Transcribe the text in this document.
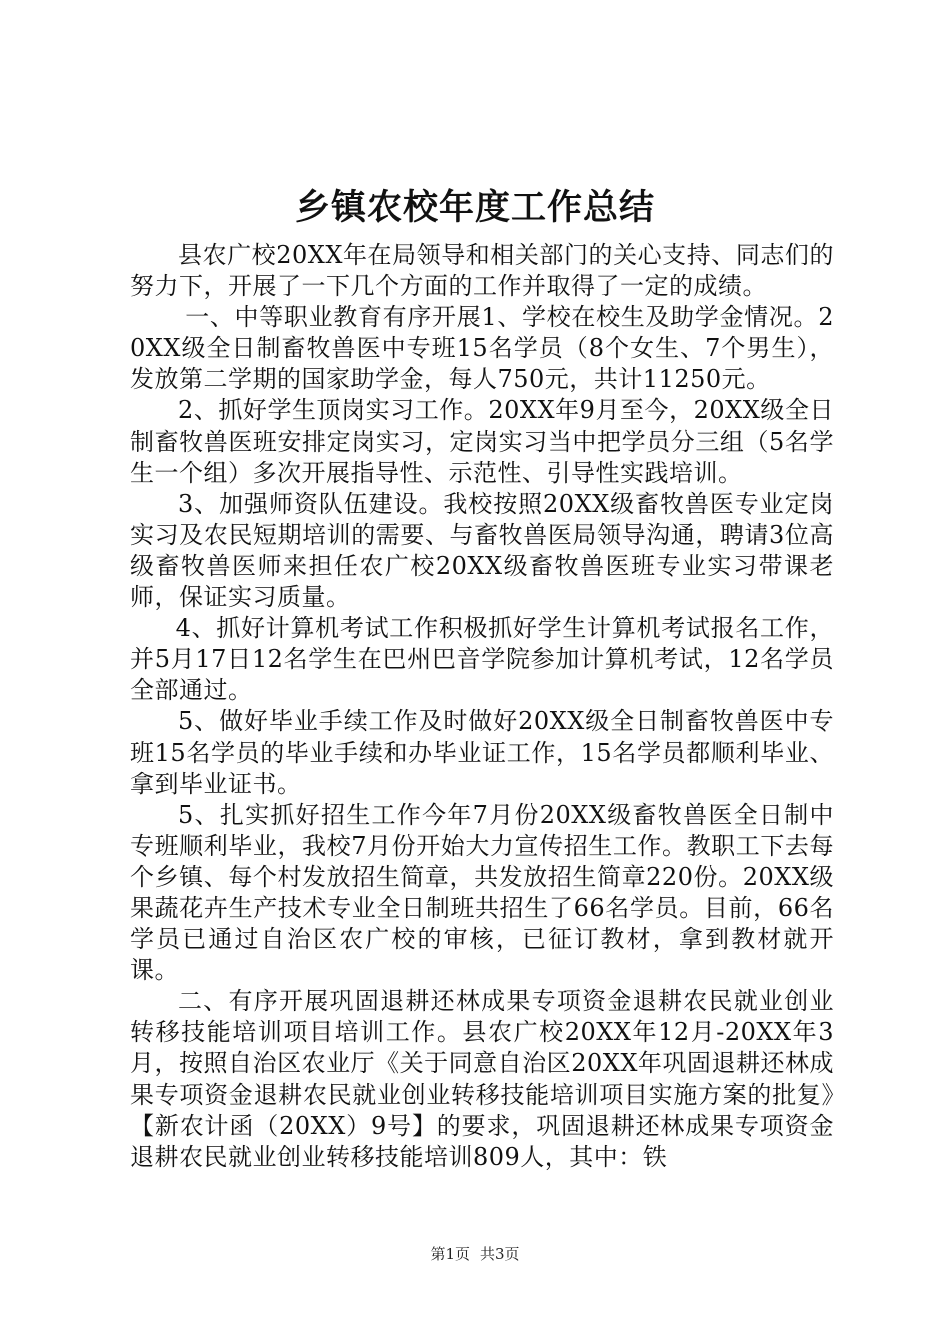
乡镇农校年度工作总结

县农广校20XX年在局领导和相关部门的关心支持、同志们的努力下，开展了一下几个方面的工作并取得了一定的成绩。

一、中等职业教育有序开展1、学校在校生及助学金情况。20XX级全日制畜牧兽医中专班15名学员（8个女生、7个男生），发放第二学期的国家助学金，每人750元，共计11250元。

2、抓好学生顶岗实习工作。20XX年9月至今，20XX级全日制畜牧兽医班安排定岗实习，定岗实习当中把学员分三组（5名学生一个组）多次开展指导性、示范性、引导性实践培训。

3、加强师资队伍建设。我校按照20XX级畜牧兽医专业定岗实习及农民短期培训的需要、与畜牧兽医局领导沟通，聘请3位高级畜牧兽医师来担任农广校20XX级畜牧兽医班专业实习带课老师，保证实习质量。

4、抓好计算机考试工作积极抓好学生计算机考试报名工作，并5月17日12名学生在巴州巴音学院参加计算机考试，12名学员全部通过。

5、做好毕业手续工作及时做好20XX级全日制畜牧兽医中专班15名学员的毕业手续和办毕业证工作，15名学员都顺利毕业、拿到毕业证书。

5、扎实抓好招生工作今年7月份20XX级畜牧兽医全日制中专班顺利毕业，我校7月份开始大力宣传招生工作。教职工下去每个乡镇、每个村发放招生简章，共发放招生简章220份。20XX级果蔬花卉生产技术专业全日制班共招生了66名学员。目前，66名学员已通过自治区农广校的审核，已征订教材，拿到教材就开课。

二、有序开展巩固退耕还林成果专项资金退耕农民就业创业转移技能培训项目培训工作。县农广校20XX年12月-20XX年3月，按照自治区农业厅《关于同意自治区20XX年巩固退耕还林成果专项资金退耕农民就业创业转移技能培训项目实施方案的批复》【新农计函（20XX）9号】的要求，巩固退耕还林成果专项资金退耕农民就业创业转移技能培训809人，其中：铁

第1页 共3页
